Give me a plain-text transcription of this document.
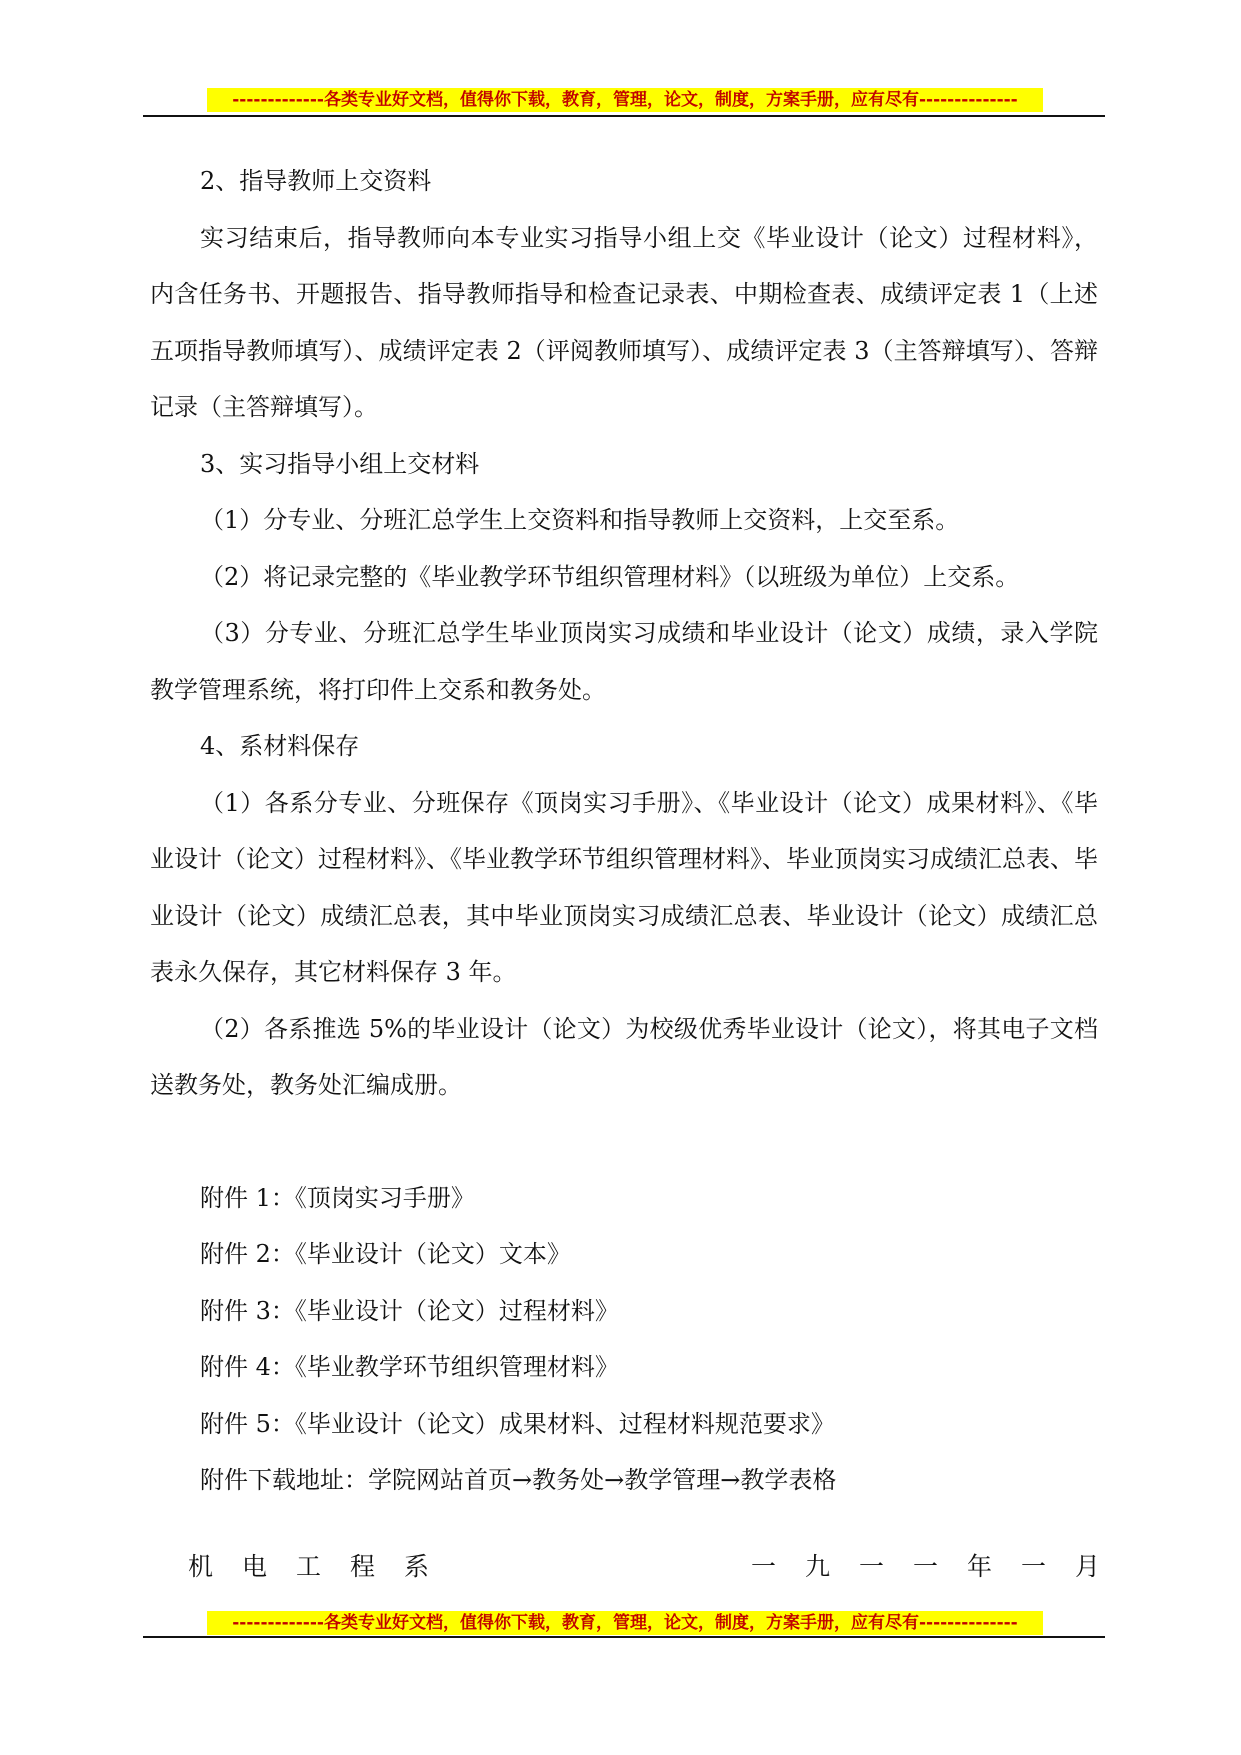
-------------各类专业好文档，值得你下载，教育，管理，论文，制度，方案手册，应有尽有--------------

2、指导教师上交资料

实习结束后，指导教师向本专业实习指导小组上交《毕业设计（论文）过程材料》，内含任务书、开题报告、指导教师指导和检查记录表、中期检查表、成绩评定表 1（上述五项指导教师填写）、成绩评定表 2（评阅教师填写）、成绩评定表 3（主答辩填写）、答辩记录（主答辩填写）。

3、实习指导小组上交材料

（1）分专业、分班汇总学生上交资料和指导教师上交资料，上交至系。

（2）将记录完整的《毕业教学环节组织管理材料》（以班级为单位）上交系。

（3）分专业、分班汇总学生毕业顶岗实习成绩和毕业设计（论文）成绩，录入学院教学管理系统，将打印件上交系和教务处。

4、系材料保存

（1）各系分专业、分班保存《顶岗实习手册》、《毕业设计（论文）成果材料》、《毕业设计（论文）过程材料》、《毕业教学环节组织管理材料》、毕业顶岗实习成绩汇总表、毕业设计（论文）成绩汇总表，其中毕业顶岗实习成绩汇总表、毕业设计（论文）成绩汇总表永久保存，其它材料保存 3 年。

（2）各系推选 5%的毕业设计（论文）为校级优秀毕业设计（论文），将其电子文档送教务处，教务处汇编成册。

附件 1：《顶岗实习手册》

附件 2：《毕业设计（论文）文本》

附件 3：《毕业设计（论文）过程材料》

附件 4：《毕业教学环节组织管理材料》

附件 5：《毕业设计（论文）成果材料、过程材料规范要求》

附件下载地址：学院网站首页→教务处→教学管理→教学表格

机电工程系	一九一一年一月
-------------各类专业好文档，值得你下载，教育，管理，论文，制度，方案手册，应有尽有--------------
